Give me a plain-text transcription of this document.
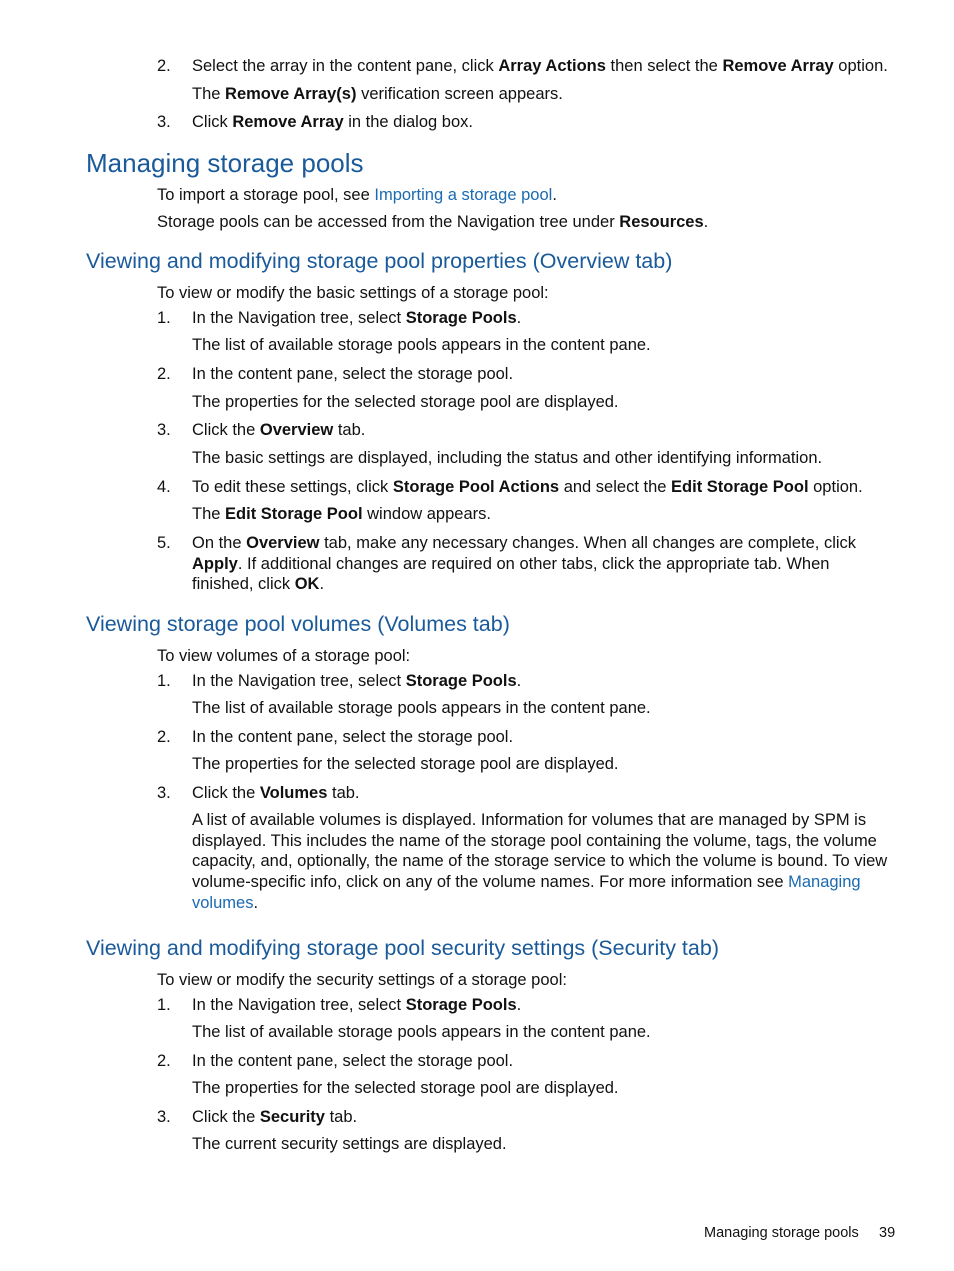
2. Select the array in the content pane, click Array Actions then select the Remove Array option.
The Remove Array(s) verification screen appears.
3. Click Remove Array in the dialog box.
Managing storage pools
To import a storage pool, see Importing a storage pool.
Storage pools can be accessed from the Navigation tree under Resources.
Viewing and modifying storage pool properties (Overview tab)
To view or modify the basic settings of a storage pool:
1. In the Navigation tree, select Storage Pools.
The list of available storage pools appears in the content pane.
2. In the content pane, select the storage pool.
The properties for the selected storage pool are displayed.
3. Click the Overview tab.
The basic settings are displayed, including the status and other identifying information.
4. To edit these settings, click Storage Pool Actions and select the Edit Storage Pool option.
The Edit Storage Pool window appears.
5. On the Overview tab, make any necessary changes. When all changes are complete, click Apply. If additional changes are required on other tabs, click the appropriate tab. When finished, click OK.
Viewing storage pool volumes (Volumes tab)
To view volumes of a storage pool:
1. In the Navigation tree, select Storage Pools.
The list of available storage pools appears in the content pane.
2. In the content pane, select the storage pool.
The properties for the selected storage pool are displayed.
3. Click the Volumes tab.
A list of available volumes is displayed. Information for volumes that are managed by SPM is displayed. This includes the name of the storage pool containing the volume, tags, the volume capacity, and, optionally, the name of the storage service to which the volume is bound. To view volume-specific info, click on any of the volume names. For more information see Managing volumes.
Viewing and modifying storage pool security settings (Security tab)
To view or modify the security settings of a storage pool:
1. In the Navigation tree, select Storage Pools.
The list of available storage pools appears in the content pane.
2. In the content pane, select the storage pool.
The properties for the selected storage pool are displayed.
3. Click the Security tab.
The current security settings are displayed.
Managing storage pools 39
